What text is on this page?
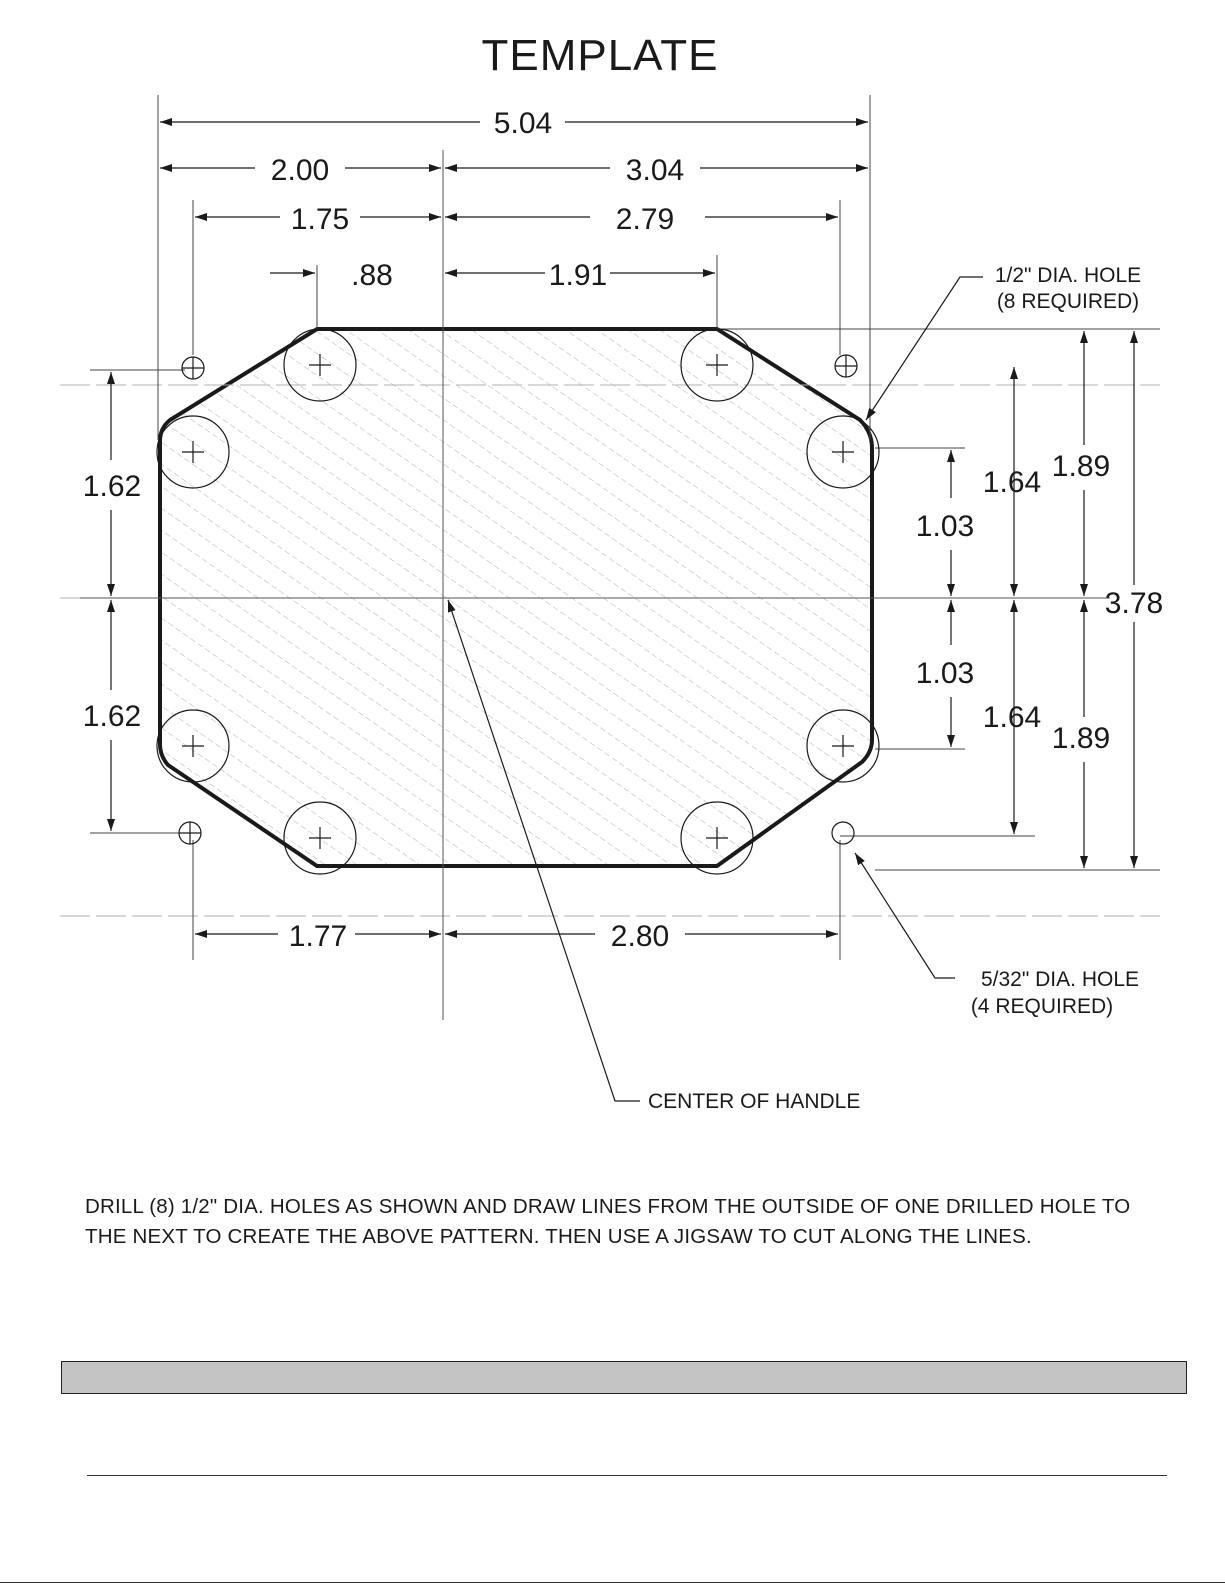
TEMPLATE
5.04
2.00	3.04
1.75	2.79
.88	1.91
1.62
1.62
1.03
1.03
1.64
1.64
1.89
1.89
3.78
1.77	2.80
1/2" DIA. HOLE
(8 REQUIRED)
5/32" DIA. HOLE
(4 REQUIRED)
CENTER OF HANDLE

DRILL (8) 1/2" DIA. HOLES AS SHOWN AND DRAW LINES FROM THE OUTSIDE OF ONE DRILLED HOLE TO THE NEXT TO CREATE THE ABOVE PATTERN. THEN USE A JIGSAW TO CUT ALONG THE LINES.
